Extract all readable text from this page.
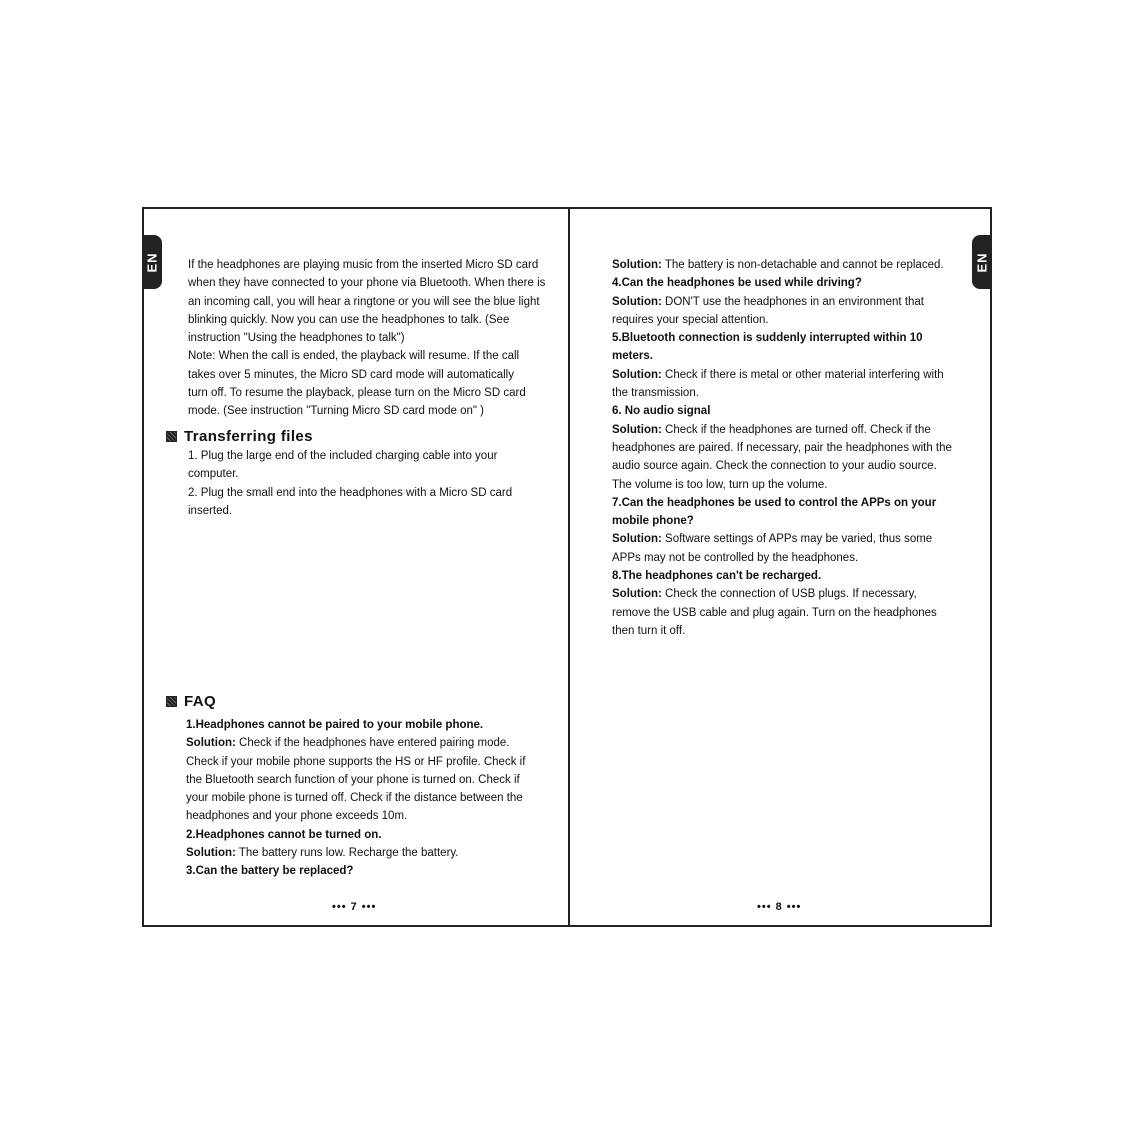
EN If the headphones are playing music from the inserted Micro SD card

when they have connected to your phone via Bluetooth. When there is

an incoming call, you will hear a ringtone or you will see the blue light

blinking quickly. Now you can use the headphones to talk. (See

instruction "Using the headphones to talk")

Note: When the call is ended, the playback will resume. If the call

takes over 5 minutes, the Micro SD card mode will automatically

turn off. To resume the playback, please turn on the Micro SD card

mode. (See instruction "Turning Micro SD card mode on" )

Transferring files

1. Plug the large end of the included charging cable into your

computer.

2. Plug the small end into the headphones with a Micro SD card

inserted.

FAQ

1.Headphones cannot be paired to your mobile phone.

Solution: Check if the headphones have entered pairing mode.

Check if your mobile phone supports the HS or HF profile. Check if

the Bluetooth search function of your phone is turned on. Check if

your mobile phone is turned off. Check if the distance between the

headphones and your phone exceeds 10m.

2.Headphones cannot be turned on.

Solution: The battery runs low. Recharge the battery.

3.Can the battery be replaced?

••• 7 •••
EN

Solution: The battery is non-detachable and cannot be replaced.

4.Can the headphones be used while driving?

Solution: DON'T use the headphones in an environment that

requires your special attention.

5.Bluetooth connection is suddenly interrupted within 10

meters.

Solution: Check if there is metal or other material interfering with

the transmission.

6. No audio signal

Solution: Check if the headphones are turned off. Check if the

headphones are paired. If necessary, pair the headphones with the

audio source again. Check the connection to your audio source.

The volume is too low, turn up the volume.

7.Can the headphones be used to control the APPs on your

mobile phone?

Solution: Software settings of APPs may be varied, thus some

APPs may not be controlled by the headphones.

8.The headphones can't be recharged.

Solution: Check the connection of USB plugs. If necessary,

remove the USB cable and plug again. Turn on the headphones

then turn it off.

••• 8 •••
